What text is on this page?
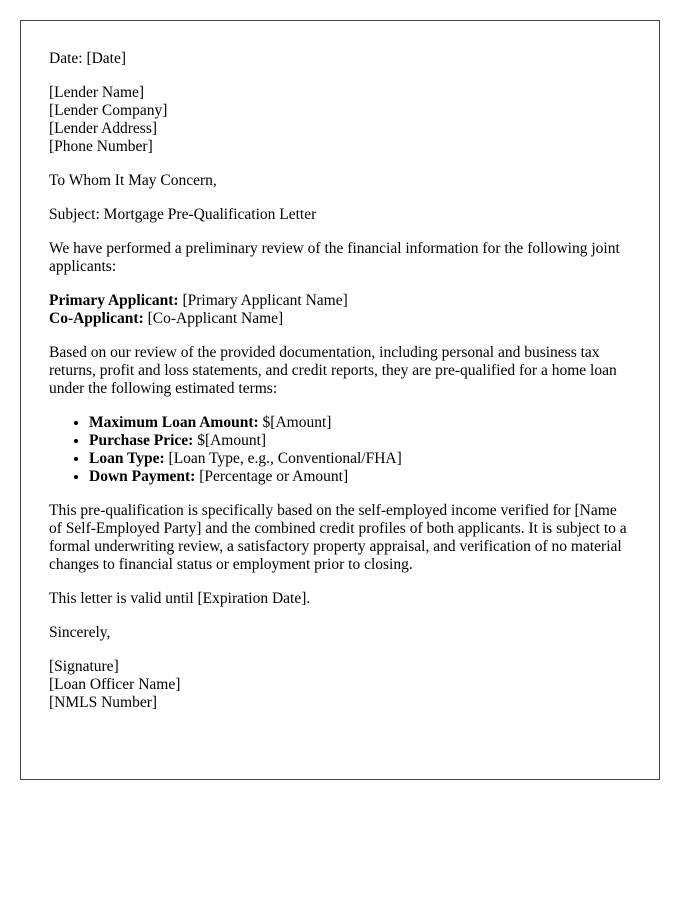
Date: [Date]

[Lender Name]
[Lender Company]
[Lender Address]
[Phone Number]

To Whom It May Concern,

Subject: Mortgage Pre-Qualification Letter

We have performed a preliminary review of the financial information for the following joint applicants:

Primary Applicant: [Primary Applicant Name]
Co-Applicant: [Co-Applicant Name]

Based on our review of the provided documentation, including personal and business tax returns, profit and loss statements, and credit reports, they are pre-qualified for a home loan under the following estimated terms:

• Maximum Loan Amount: $[Amount]
• Purchase Price: $[Amount]
• Loan Type: [Loan Type, e.g., Conventional/FHA]
• Down Payment: [Percentage or Amount]

This pre-qualification is specifically based on the self-employed income verified for [Name of Self-Employed Party] and the combined credit profiles of both applicants. It is subject to a formal underwriting review, a satisfactory property appraisal, and verification of no material changes to financial status or employment prior to closing.

This letter is valid until [Expiration Date].

Sincerely,

[Signature]
[Loan Officer Name]
[NMLS Number]
